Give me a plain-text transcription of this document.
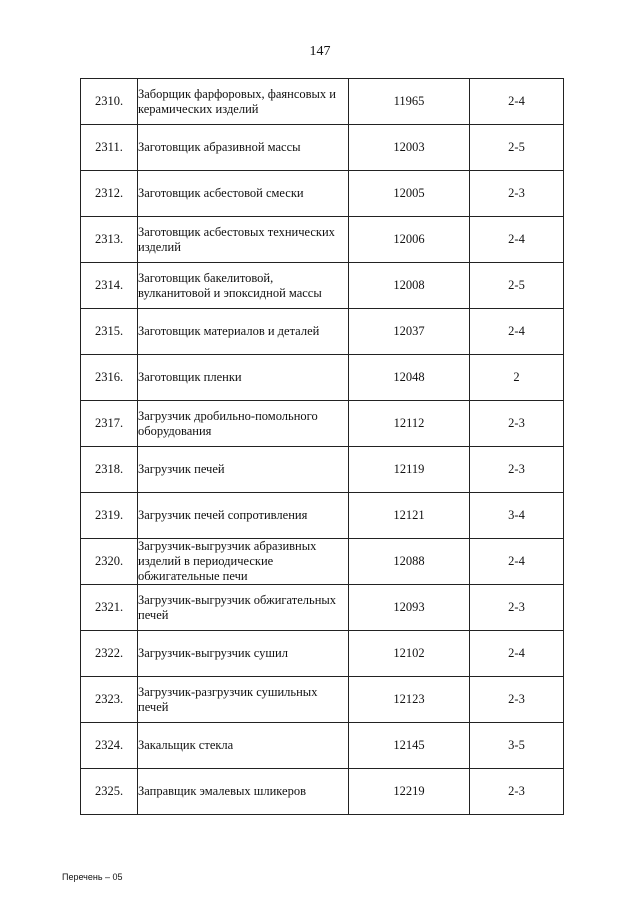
147
2310.	Заборщик фарфоровых, фаянсовых и керамических изделий	11965	2-4
2311.	Заготовщик абразивной массы	12003	2-5
2312.	Заготовщик асбестовой смески	12005	2-3
2313.	Заготовщик асбестовых технических изделий	12006	2-4
2314.	Заготовщик бакелитовой, вулканитовой и эпоксидной массы	12008	2-5
2315.	Заготовщик материалов и деталей	12037	2-4
2316.	Заготовщик пленки	12048	2
2317.	Загрузчик дробильно-помольного оборудования	12112	2-3
2318.	Загрузчик печей	12119	2-3
2319.	Загрузчик печей сопротивления	12121	3-4
2320.	Загрузчик-выгрузчик абразивных изделий в периодические обжигательные печи	12088	2-4
2321.	Загрузчик-выгрузчик обжигательных печей	12093	2-3
2322.	Загрузчик-выгрузчик сушил	12102	2-4
2323.	Загрузчик-разгрузчик сушильных печей	12123	2-3
2324.	Закальщик стекла	12145	3-5
2325.	Заправщик эмалевых шликеров	12219	2-3
Перечень – 05
